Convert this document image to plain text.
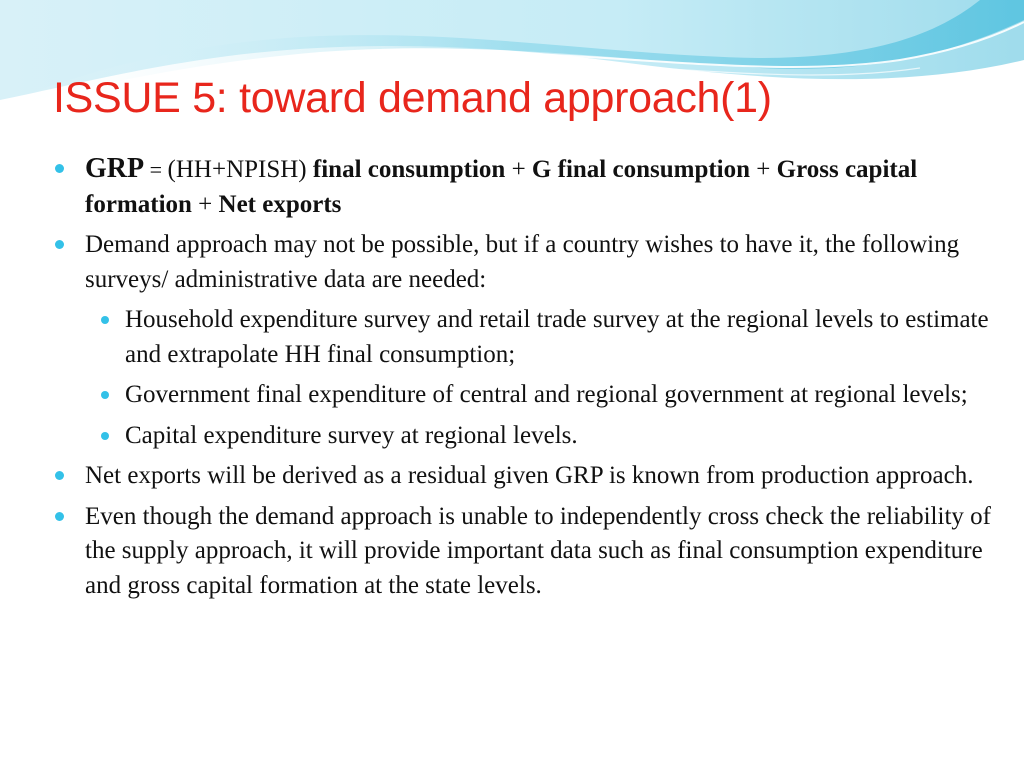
ISSUE 5: toward demand approach(1)
GRP = (HH+NPISH) final consumption + G final consumption + Gross capital formation + Net exports
Demand approach may not be possible, but if a country wishes to have it, the following surveys/ administrative data are needed:
Household expenditure survey and retail trade survey at the regional levels to estimate and extrapolate HH final consumption;
Government final expenditure of central and regional government at regional levels;
Capital expenditure survey at regional levels.
Net exports will be derived as a residual given GRP is known from production approach.
Even though the demand approach is unable to independently cross check the reliability of the supply approach, it will provide important data such as final consumption expenditure and gross capital formation at the state levels.
